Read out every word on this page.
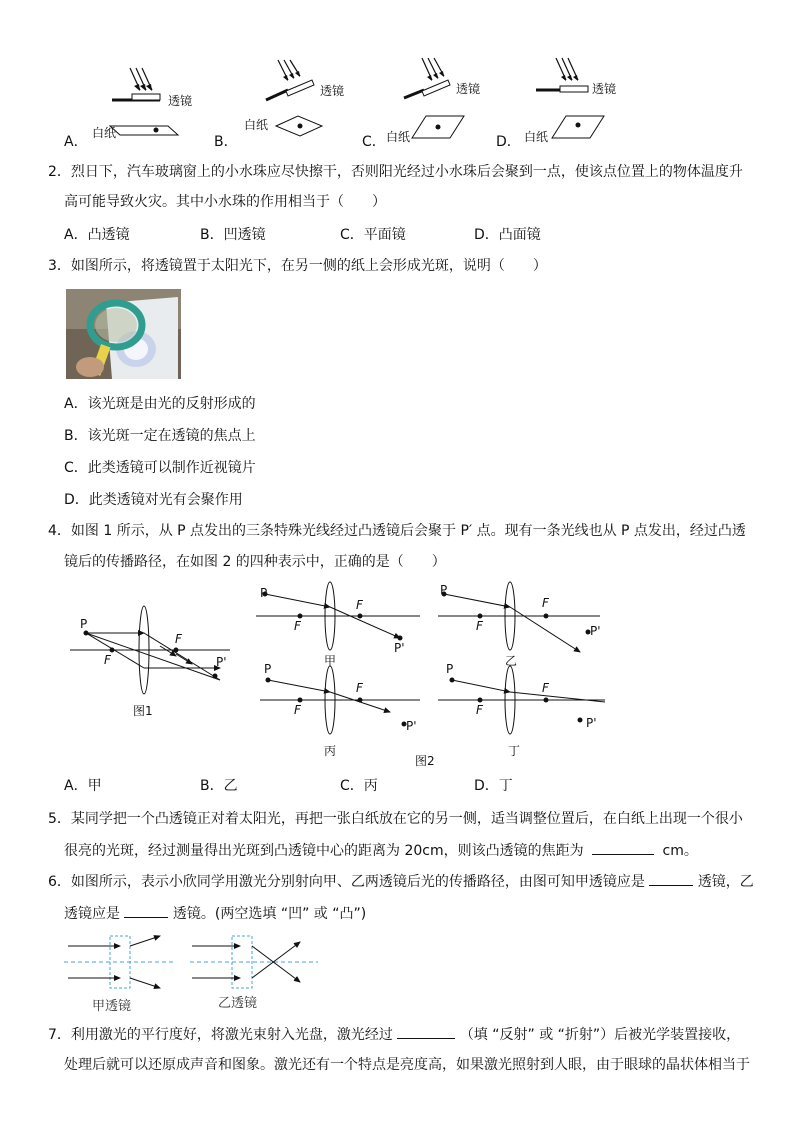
透镜
透镜	透镜	透镜
白纸
白纸
白纸	白纸
A．	B．	C．	D．
2．烈日下，汽车玻璃窗上的小水珠应尽快擦干，否则阳光经过小水珠后会聚到一点，使该点位置上的物体温度升
高可能导致火灾。其中小水珠的作用相当于（　　）
A．凸透镜	B．凹透镜	C．平面镜	D．凸面镜
3．如图所示，将透镜置于太阳光下，在另一侧的纸上会形成光斑，说明（　　）
A．该光斑是由光的反射形成的
B．该光斑一定在透镜的焦点上
C．此类透镜可以制作近视镜片
D．此类透镜对光有会聚作用
4．如图 1 所示，从 P 点发出的三条特殊光线经过凸透镜后会聚于 P′ 点。现有一条光线也从 P 点发出，经过凸透
镜后的传播路径，在如图 2 的四种表示中，正确的是（　　）
P
F
F
P'
图1
P
F
F
P'
甲
P
F
F
P'
乙
P
F
F
P'
丙
P
F
F
P'
丁
图2
A．甲	B．乙	C．丙	D．丁
5．某同学把一个凸透镜正对着太阳光，再把一张白纸放在它的另一侧，适当调整位置后，在白纸上出现一个很小
很亮的光斑，经过测量得出光斑到凸透镜中心的距离为 20cm，则该凸透镜的焦距为	cm。
6．如图所示，表示小欣同学用激光分别射向甲、乙两透镜后光的传播路径，由图可知甲透镜应是	透镜，乙
透镜应是	透镜。(两空选填 “凹” 或 “凸”)
甲透镜	乙透镜
7．利用激光的平行度好，将激光束射入光盘，激光经过	（填 “反射” 或 “折射”）后被光学装置接收，
处理后就可以还原成声音和图象。激光还有一个特点是亮度高，如果激光照射到人眼，由于眼球的晶状体相当于
